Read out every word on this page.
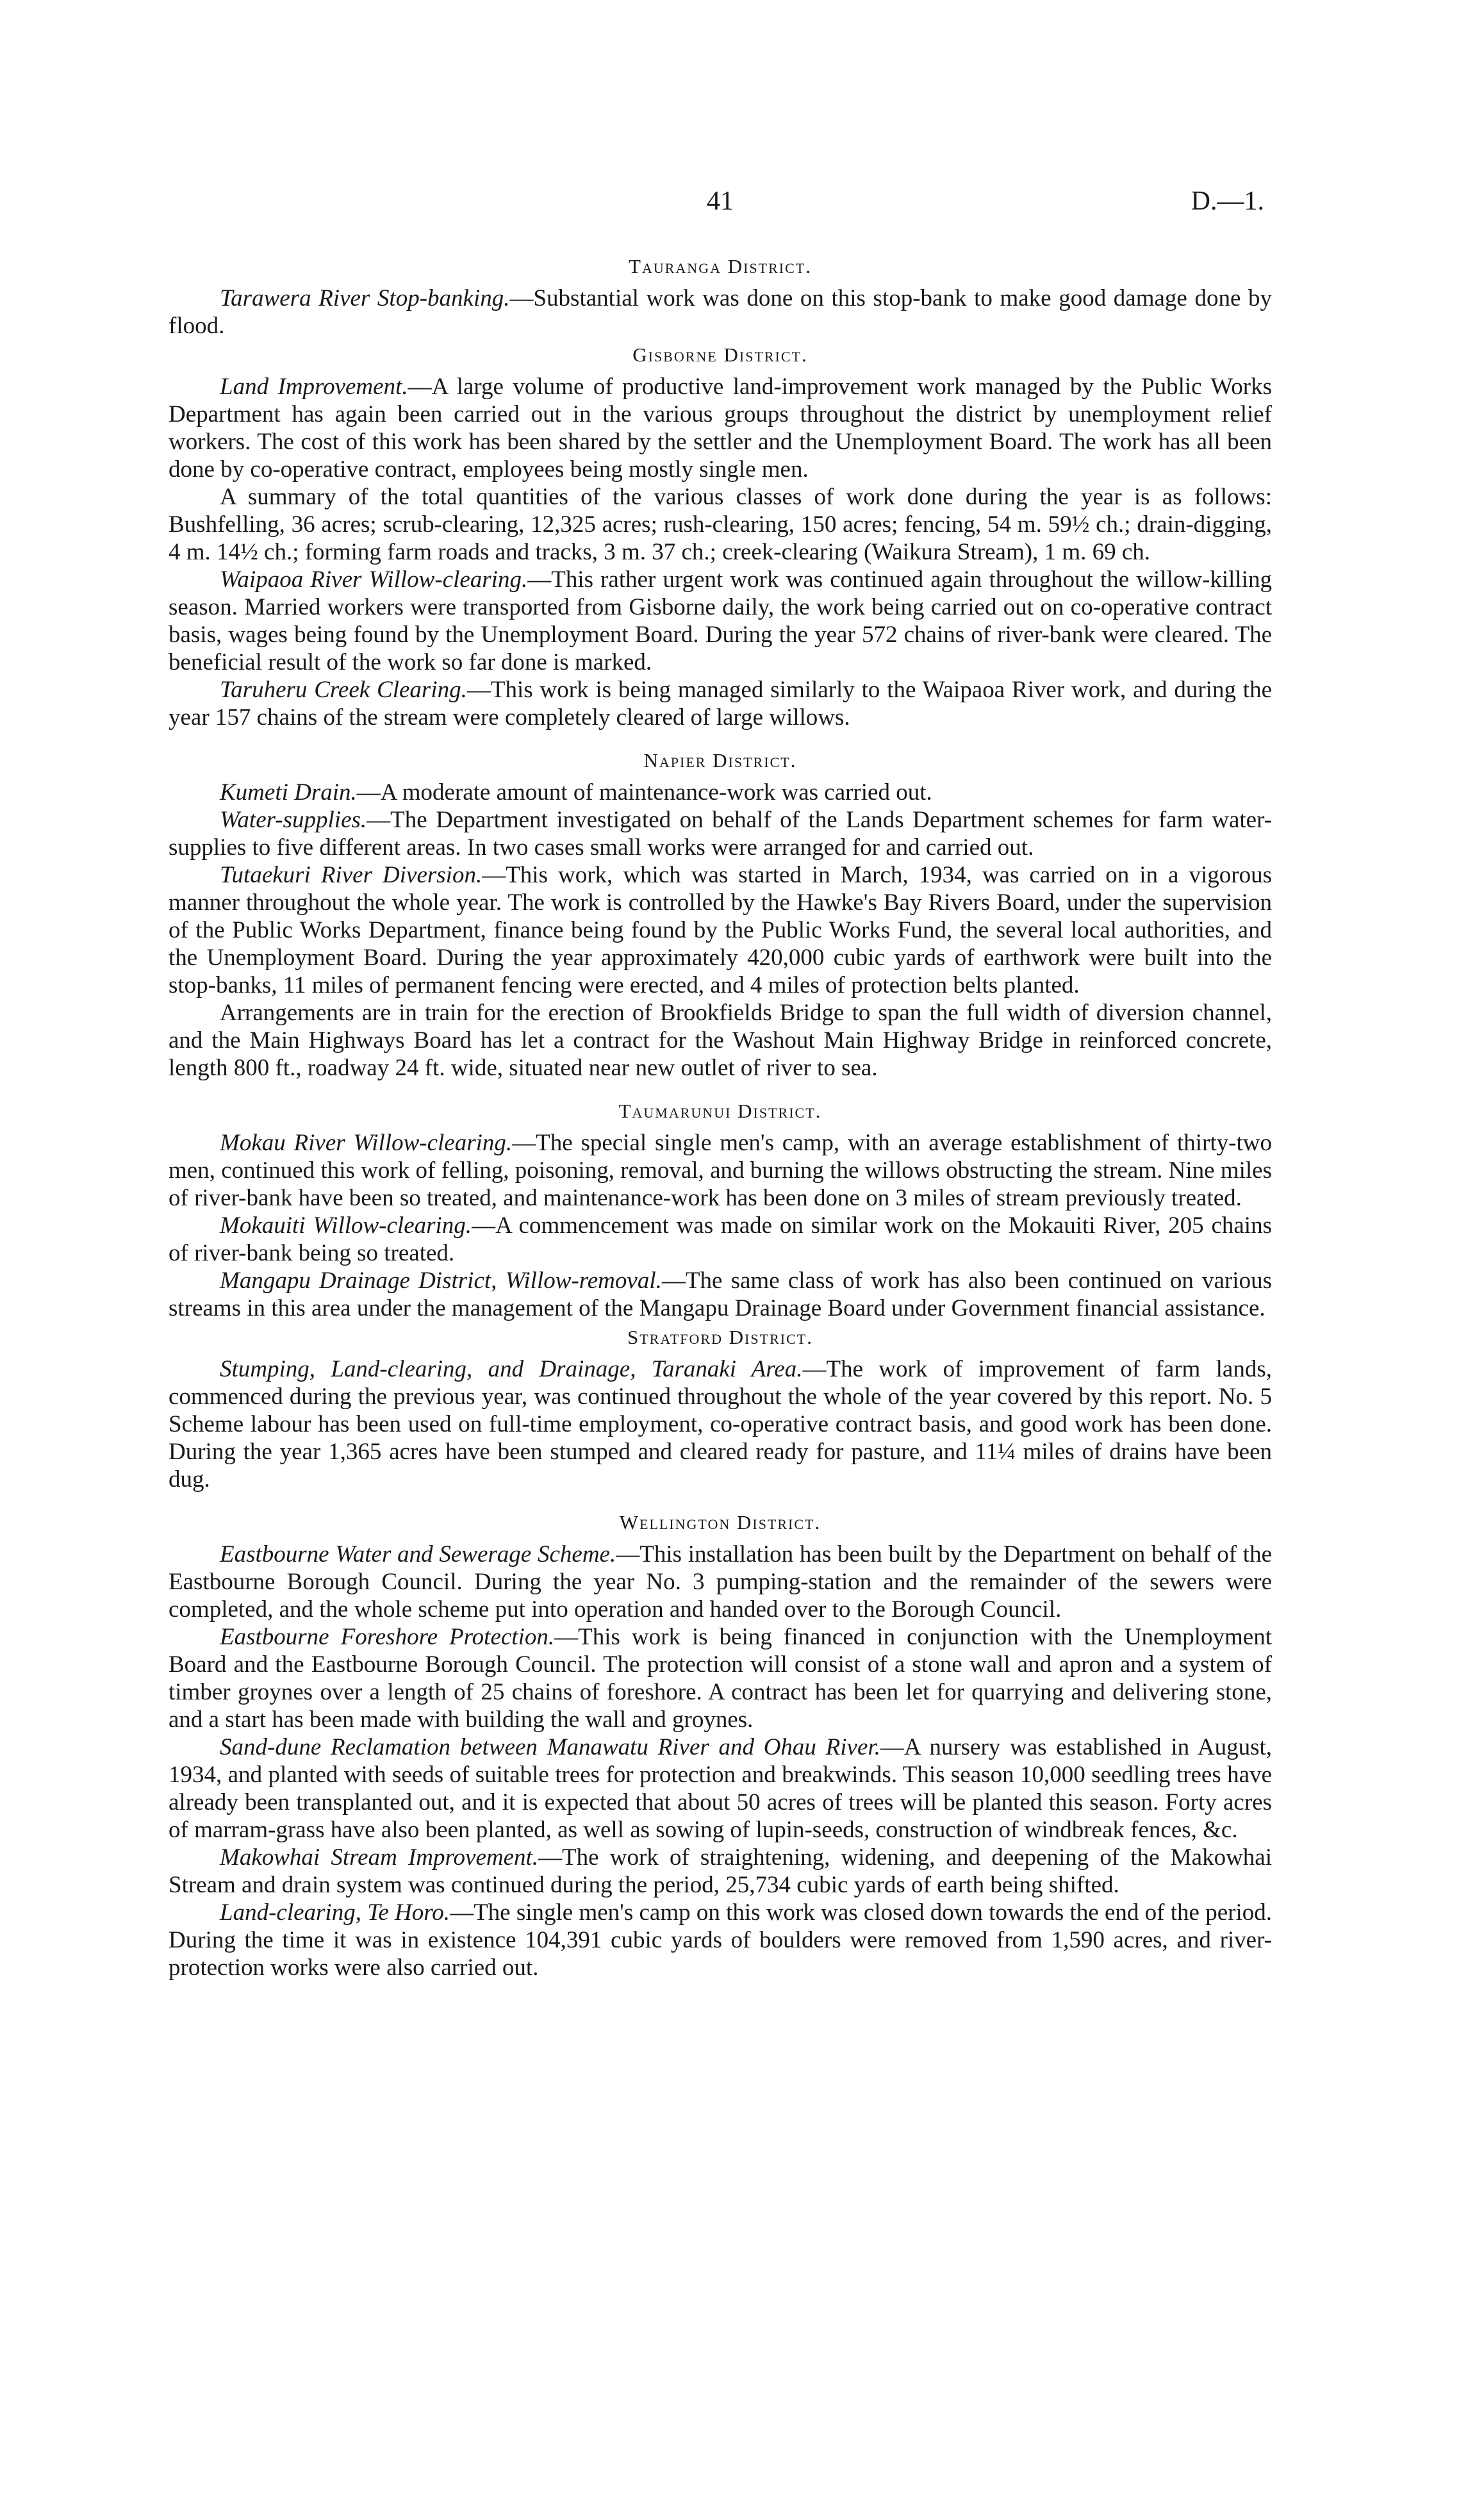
41	D.—1.
Tauranga District.

Tarawera River Stop-banking.—Substantial work was done on this stop-bank to make good damage done by flood.

Gisborne District.

Land Improvement.—A large volume of productive land-improvement work managed by the Public Works Department has again been carried out in the various groups throughout the district by unemployment relief workers. The cost of this work has been shared by the settler and the Unemployment Board. The work has all been done by co-operative contract, employees being mostly single men.

A summary of the total quantities of the various classes of work done during the year is as follows: Bushfelling, 36 acres; scrub-clearing, 12,325 acres; rush-clearing, 150 acres; fencing, 54 m. 59½ ch.; drain-digging, 4 m. 14½ ch.; forming farm roads and tracks, 3 m. 37 ch.; creek-clearing (Waikura Stream), 1 m. 69 ch.

Waipaoa River Willow-clearing.—This rather urgent work was continued again throughout the willow-killing season. Married workers were transported from Gisborne daily, the work being carried out on co-operative contract basis, wages being found by the Unemployment Board. During the year 572 chains of river-bank were cleared. The beneficial result of the work so far done is marked.

Taruheru Creek Clearing.—This work is being managed similarly to the Waipaoa River work, and during the year 157 chains of the stream were completely cleared of large willows.

Napier District.

Kumeti Drain.—A moderate amount of maintenance-work was carried out.

Water-supplies.—The Department investigated on behalf of the Lands Department schemes for farm water-supplies to five different areas. In two cases small works were arranged for and carried out.

Tutaekuri River Diversion.—This work, which was started in March, 1934, was carried on in a vigorous manner throughout the whole year. The work is controlled by the Hawke's Bay Rivers Board, under the supervision of the Public Works Department, finance being found by the Public Works Fund, the several local authorities, and the Unemployment Board. During the year approximately 420,000 cubic yards of earthwork were built into the stop-banks, 11 miles of permanent fencing were erected, and 4 miles of protection belts planted.

Arrangements are in train for the erection of Brookfields Bridge to span the full width of diversion channel, and the Main Highways Board has let a contract for the Washout Main Highway Bridge in reinforced concrete, length 800 ft., roadway 24 ft. wide, situated near new outlet of river to sea.

Taumarunui District.

Mokau River Willow-clearing.—The special single men's camp, with an average establishment of thirty-two men, continued this work of felling, poisoning, removal, and burning the willows obstructing the stream. Nine miles of river-bank have been so treated, and maintenance-work has been done on 3 miles of stream previously treated.

Mokauiti Willow-clearing.—A commencement was made on similar work on the Mokauiti River, 205 chains of river-bank being so treated.

Mangapu Drainage District, Willow-removal.—The same class of work has also been continued on various streams in this area under the management of the Mangapu Drainage Board under Government financial assistance.

Stratford District.

Stumping, Land-clearing, and Drainage, Taranaki Area.—The work of improvement of farm lands, commenced during the previous year, was continued throughout the whole of the year covered by this report. No. 5 Scheme labour has been used on full-time employment, co-operative contract basis, and good work has been done. During the year 1,365 acres have been stumped and cleared ready for pasture, and 11¼ miles of drains have been dug.

Wellington District.

Eastbourne Water and Sewerage Scheme.—This installation has been built by the Department on behalf of the Eastbourne Borough Council. During the year No. 3 pumping-station and the remainder of the sewers were completed, and the whole scheme put into operation and handed over to the Borough Council.

Eastbourne Foreshore Protection.—This work is being financed in conjunction with the Unemployment Board and the Eastbourne Borough Council. The protection will consist of a stone wall and apron and a system of timber groynes over a length of 25 chains of foreshore. A contract has been let for quarrying and delivering stone, and a start has been made with building the wall and groynes.

Sand-dune Reclamation between Manawatu River and Ohau River.—A nursery was established in August, 1934, and planted with seeds of suitable trees for protection and breakwinds. This season 10,000 seedling trees have already been transplanted out, and it is expected that about 50 acres of trees will be planted this season. Forty acres of marram-grass have also been planted, as well as sowing of lupin-seeds, construction of windbreak fences, &c.

Makowhai Stream Improvement.—The work of straightening, widening, and deepening of the Makowhai Stream and drain system was continued during the period, 25,734 cubic yards of earth being shifted.

Land-clearing, Te Horo.—The single men's camp on this work was closed down towards the end of the period. During the time it was in existence 104,391 cubic yards of boulders were removed from 1,590 acres, and river-protection works were also carried out.
